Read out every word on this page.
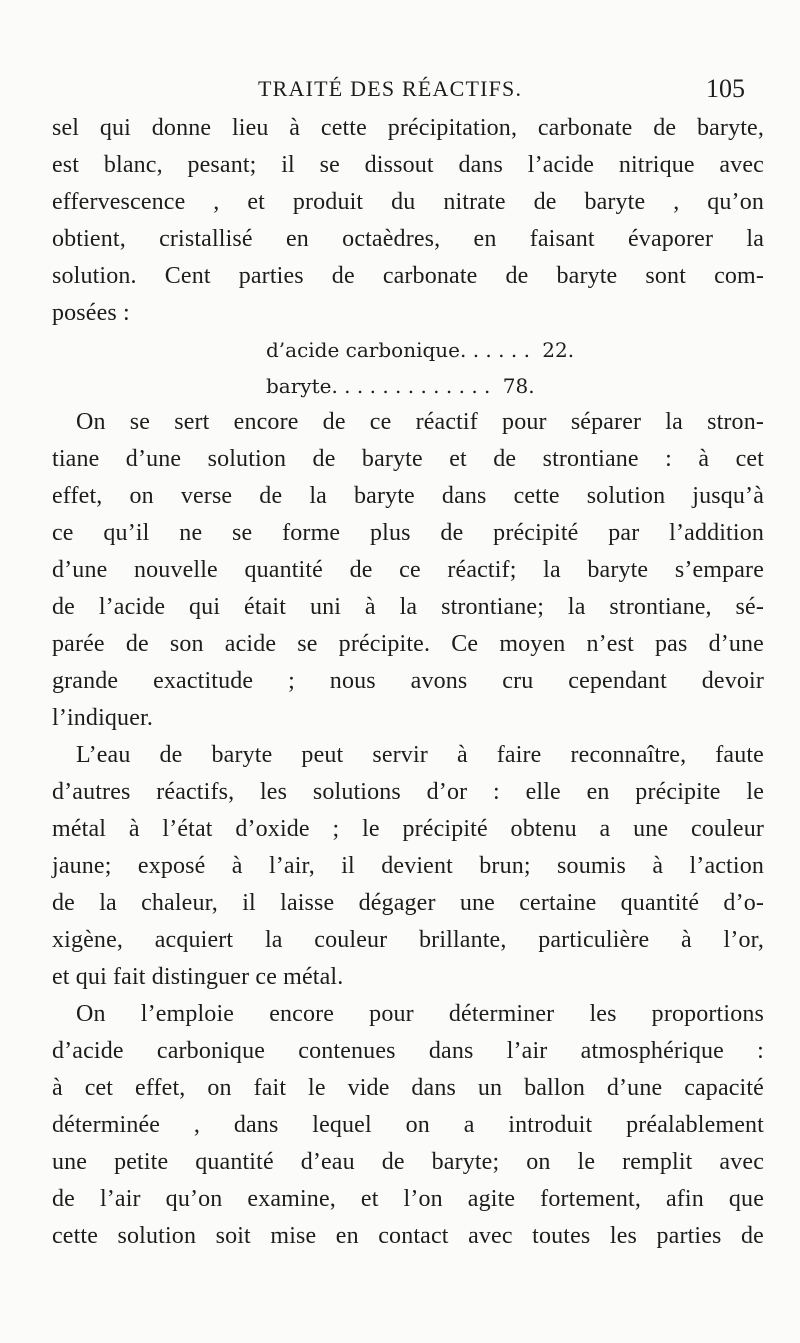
TRAITÉ DES RÉACTIFS.	105
sel qui donne lieu à cette précipitation, carbonate de baryte,
est blanc, pesant; il se dissout dans l’acide nitrique avec
effervescence , et produit du nitrate de baryte , qu’on
obtient, cristallisé en octaèdres, en faisant évaporer la
solution. Cent parties de carbonate de baryte sont com-
posées :
d’acide carbonique. . . . . . 22.
baryte. . . . . . . . . . . . . 78.
On se sert encore de ce réactif pour séparer la stron-
tiane d’une solution de baryte et de strontiane : à cet
effet, on verse de la baryte dans cette solution jusqu’à
ce qu’il ne se forme plus de précipité par l’addition
d’une nouvelle quantité de ce réactif; la baryte s’empare
de l’acide qui était uni à la strontiane; la strontiane, sé-
parée de son acide se précipite. Ce moyen n’est pas d’une
grande exactitude ; nous avons cru cependant devoir
l’indiquer.
L’eau de baryte peut servir à faire reconnaître, faute
d’autres réactifs, les solutions d’or : elle en précipite le
métal à l’état d’oxide ; le précipité obtenu a une couleur
jaune; exposé à l’air, il devient brun; soumis à l’action
de la chaleur, il laisse dégager une certaine quantité d’o-
xigène, acquiert la couleur brillante, particulière à l’or,
et qui fait distinguer ce métal.
On l’emploie encore pour déterminer les proportions
d’acide carbonique contenues dans l’air atmosphérique :
à cet effet, on fait le vide dans un ballon d’une capacité
déterminée , dans lequel on a introduit préalablement
une petite quantité d’eau de baryte; on le remplit avec
de l’air qu’on examine, et l’on agite fortement, afin que
cette solution soit mise en contact avec toutes les parties de
